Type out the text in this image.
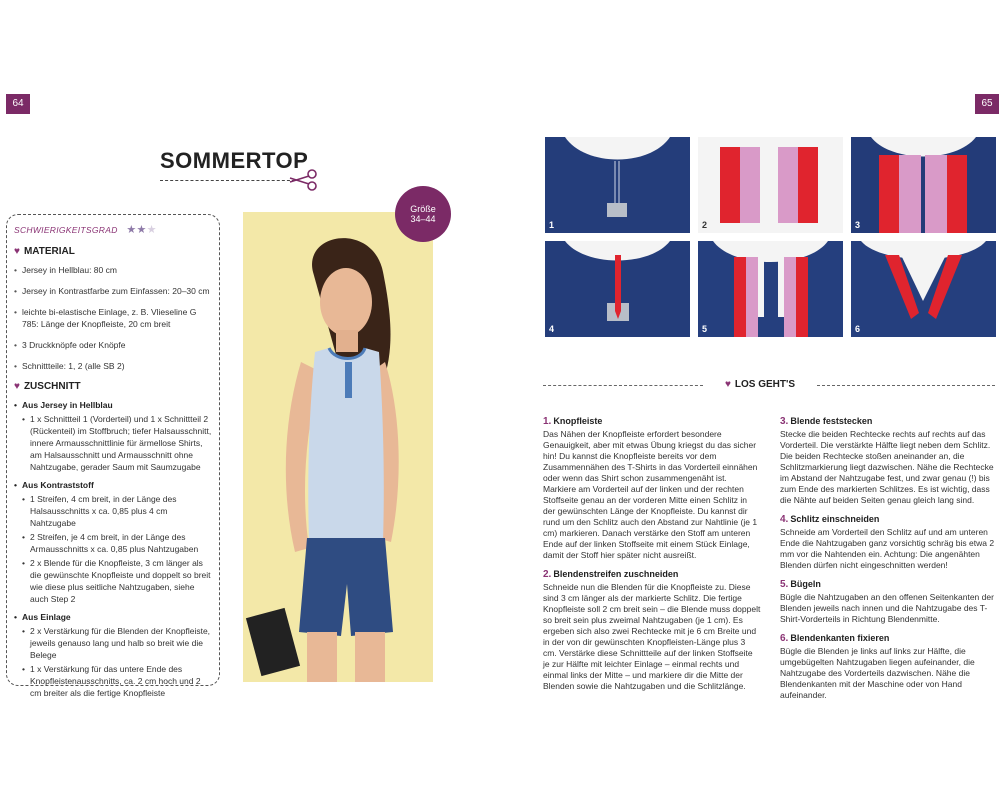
64	65
SOMMERTOP
SCHWIERIGKEITSGRAD ★★★
♥ MATERIAL
• Jersey in Hellblau: 80 cm
• Jersey in Kontrastfarbe zum Einfassen: 20–30 cm
• leichte bi-elastische Einlage, z. B. Vlieseline G 785: Länge der Knopfleiste, 20 cm breit
• 3 Druckknöpfe oder Knöpfe
• Schnittteile: 1, 2 (alle SB 2)
♥ ZUSCHNITT
• Aus Jersey in Hellblau
• 1 x Schnittteil 1 (Vorderteil) und 1 x Schnittteil 2 (Rückenteil) im Stoffbruch; tiefer Halsausschnitt, innere Armausschnittlinie für ärmellose Shirts, am Halsausschnitt und Armausschnitt ohne Nahtzugabe, gerader Saum mit Saumzugabe
• Aus Kontraststoff
• 1 Streifen, 4 cm breit, in der Länge des Halsausschnitts x ca. 0,85 plus 4 cm Nahtzugabe
• 2 Streifen, je 4 cm breit, in der Länge des Armausschnitts x ca. 0,85 plus Nahtzugaben
• 2 x Blende für die Knopfleiste, 3 cm länger als die gewünschte Knopfleiste und doppelt so breit wie diese plus seitliche Nahtzugaben, siehe auch Step 2
• Aus Einlage
• 2 x Verstärkung für die Blenden der Knopfleiste, jeweils genauso lang und halb so breit wie die Belege
• 1 x Verstärkung für das untere Ende des Knopfleistenausschnitts, ca. 2 cm hoch und 2 cm breiter als die fertige Knopfleiste
Größe
34–44
1	2	3
4	5	6
♥ LOS GEHT'S
1. Knopfleiste

Das Nähen der Knopfleiste erfordert besondere Genauigkeit, aber mit etwas Übung kriegst du das sicher hin! Du kannst die Knopfleiste bereits vor dem Zusammennähen des T-Shirts in das Vorderteil einnähen oder wenn das Shirt schon zusammengenäht ist. Markiere am Vorderteil auf der linken und der rechten Stoffseite genau an der vorderen Mitte einen Schlitz in der gewünschten Länge der Knopfleiste. Du kannst dir rund um den Schlitz auch den Abstand zur Nahtlinie (je 1 cm) markieren. Danach verstärke den Stoff am unteren Ende auf der linken Stoffseite mit einem Stück Einlage, damit der Stoff hier später nicht ausreißt.

2. Blendenstreifen zuschneiden

Schneide nun die Blenden für die Knopfleiste zu. Diese sind 3 cm länger als der markierte Schlitz. Die fertige Knopfleiste soll 2 cm breit sein – die Blende muss doppelt so breit sein plus zweimal Nahtzugaben (je 1 cm). Es ergeben sich also zwei Rechtecke mit je 6 cm Breite und in der von dir gewünschten Knopfleisten-Länge plus 3 cm. Verstärke diese Schnittteile auf der linken Stoffseite je zur Hälfte mit leichter Einlage – einmal rechts und einmal links der Mitte – und markiere dir die Mitte der Blenden sowie die Nahtzugaben und die Schlitzlänge.

3. Blende feststecken

Stecke die beiden Rechtecke rechts auf rechts auf das Vorderteil. Die verstärkte Hälfte liegt neben dem Schlitz. Die beiden Rechtecke stoßen aneinander an, die Schlitzmarkierung liegt dazwischen. Nähe die Rechtecke im Abstand der Nahtzugabe fest, und zwar genau (!) bis zum Ende des markierten Schlitzes. Es ist wichtig, dass die Nähte auf beiden Seiten genau gleich lang sind.

4. Schlitz einschneiden

Schneide am Vorderteil den Schlitz auf und am unteren Ende die Nahtzugaben ganz vorsichtig schräg bis etwa 2 mm vor die Nahtenden ein. Achtung: Die angenähten Blenden dürfen nicht eingeschnitten werden!

5. Bügeln

Bügle die Nahtzugaben an den offenen Seitenkanten der Blenden jeweils nach innen und die Nahtzugabe des T-Shirt-Vorderteils in Richtung Blendenmitte.

6. Blendenkanten fixieren

Bügle die Blenden je links auf links zur Hälfte, die umgebügelten Nahtzugaben liegen aufeinander, die Nahtzugabe des Vorderteils dazwischen. Nähe die Blendenkanten mit der Maschine oder von Hand aufeinander.
